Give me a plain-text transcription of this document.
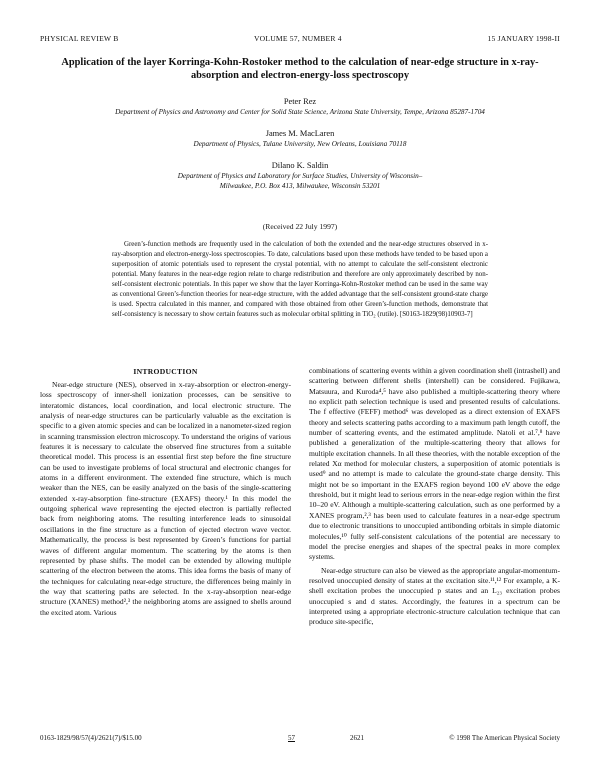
PHYSICAL REVIEW B	VOLUME 57, NUMBER 4	15 JANUARY 1998-II
Application of the layer Korringa-Kohn-Rostoker method to the calculation of near-edge structure in x-ray-absorption and electron-energy-loss spectroscopy
Peter Rez
Department of Physics and Astronomy and Center for Solid State Science, Arizona State University, Tempe, Arizona 85287-1704
James M. MacLaren
Department of Physics, Tulane University, New Orleans, Louisiana 70118
Dilano K. Saldin
Department of Physics and Laboratory for Surface Studies, University of Wisconsin–Milwaukee, P.O. Box 413, Milwaukee, Wisconsin 53201
(Received 22 July 1997)
Green’s-function methods are frequently used in the calculation of both the extended and the near-edge structures observed in x-ray-absorption and electron-energy-loss spectroscopies. To date, calculations based upon these methods have tended to be based upon a superposition of atomic potentials used to represent the crystal potential, with no attempt to calculate the self-consistent electronic potential. Many features in the near-edge region relate to charge redistribution and therefore are only approximately described by non-self-consistent electronic potentials. In this paper we show that the layer Korringa-Kohn-Rostoker method can be used in the same way as conventional Green’s-function theories for near-edge structure, with the added advantage that the self-consistent ground-state charge is used. Spectra calculated in this manner, and compared with those obtained from other Green’s-function methods, demonstrate that self-consistency is necessary to show certain features such as molecular orbital splitting in TiO₂ (rutile). [S0163-1829(98)10903-7]
INTRODUCTION
Near-edge structure (NES), observed in x-ray-absorption or electron-energy-loss spectroscopy of inner-shell ionization processes, can be sensitive to interatomic distances, local coordination, and local electronic structure. The analysis of near-edge structures can be particularly valuable as the excitation is specific to a given atomic species and can be localized in a nanometer-sized region in scanning transmission electron microscopy. To understand the origins of various features it is necessary to calculate the observed fine structures from a suitable theoretical model. This process is an essential first step before the fine structure can be used to investigate problems of local structural and electronic changes for atoms in a different environment. The extended fine structure, which is much weaker than the NES, can be easily analyzed on the basis of the single-scattering extended x-ray-absorption fine-structure (EXAFS) theory.¹ In this model the outgoing spherical wave representing the ejected electron is partially reflected back from neighboring atoms. The resulting interference leads to sinusoidal oscillations in the fine structure as a function of ejected electron wave vector. Mathematically, the process is best represented by Green’s functions for partial waves of different angular momentum. The scattering by the atoms is then represented by phase shifts. The model can be extended by allowing multiple scattering of the electron between the atoms. This idea forms the basis of many of the techniques for calculating near-edge structure, the differences being mainly in the way that scattering paths are selected. In the x-ray-absorption near-edge structure (XANES) method²,³ the neighboring atoms are assigned to shells around the excited atom. Various

combinations of scattering events within a given coordination shell (intrashell) and scattering between different shells (intershell) can be considered. Fujikawa, Matsuura, and Kuroda⁴,⁵ have also published a multiple-scattering theory where no explicit path selection technique is used and presented results of calculations. The f effective (FEFF) method⁶ was developed as a direct extension of EXAFS theory and selects scattering paths according to a maximum path length cutoff, the number of scattering events, and the estimated amplitude. Natoli et al.⁷,⁸ have published a generalization of the multiple-scattering theory that allows for multiple excitation channels. In all these theories, with the notable exception of the related Xα method for molecular clusters, a superposition of atomic potentials is used⁹ and no attempt is made to calculate the ground-state charge density. This might not be so important in the EXAFS region beyond 100 eV above the edge threshold, but it might lead to serious errors in the near-edge region within the first 10–20 eV. Although a multiple-scattering calculation, such as one performed by a XANES program,²,³ has been used to calculate features in a near-edge spectrum due to electronic transitions to unoccupied antibonding orbitals in simple diatomic molecules,¹⁰ fully self-consistent calculations of the potential are necessary to model the precise energies and shapes of the spectral peaks in more complex systems.

Near-edge structure can also be viewed as the appropriate angular-momentum-resolved unoccupied density of states at the excitation site.¹¹,¹² For example, a K-shell excitation probes the unoccupied p states and an L₂₃ excitation probes unoccupied s and d states. Accordingly, the features in a spectrum can be interpreted using a appropriate electronic-structure calculation technique that can produce site-specific,

0163-1829/98/57(4)/2621(7)/$15.00	57	2621	© 1998 The American Physical Society
